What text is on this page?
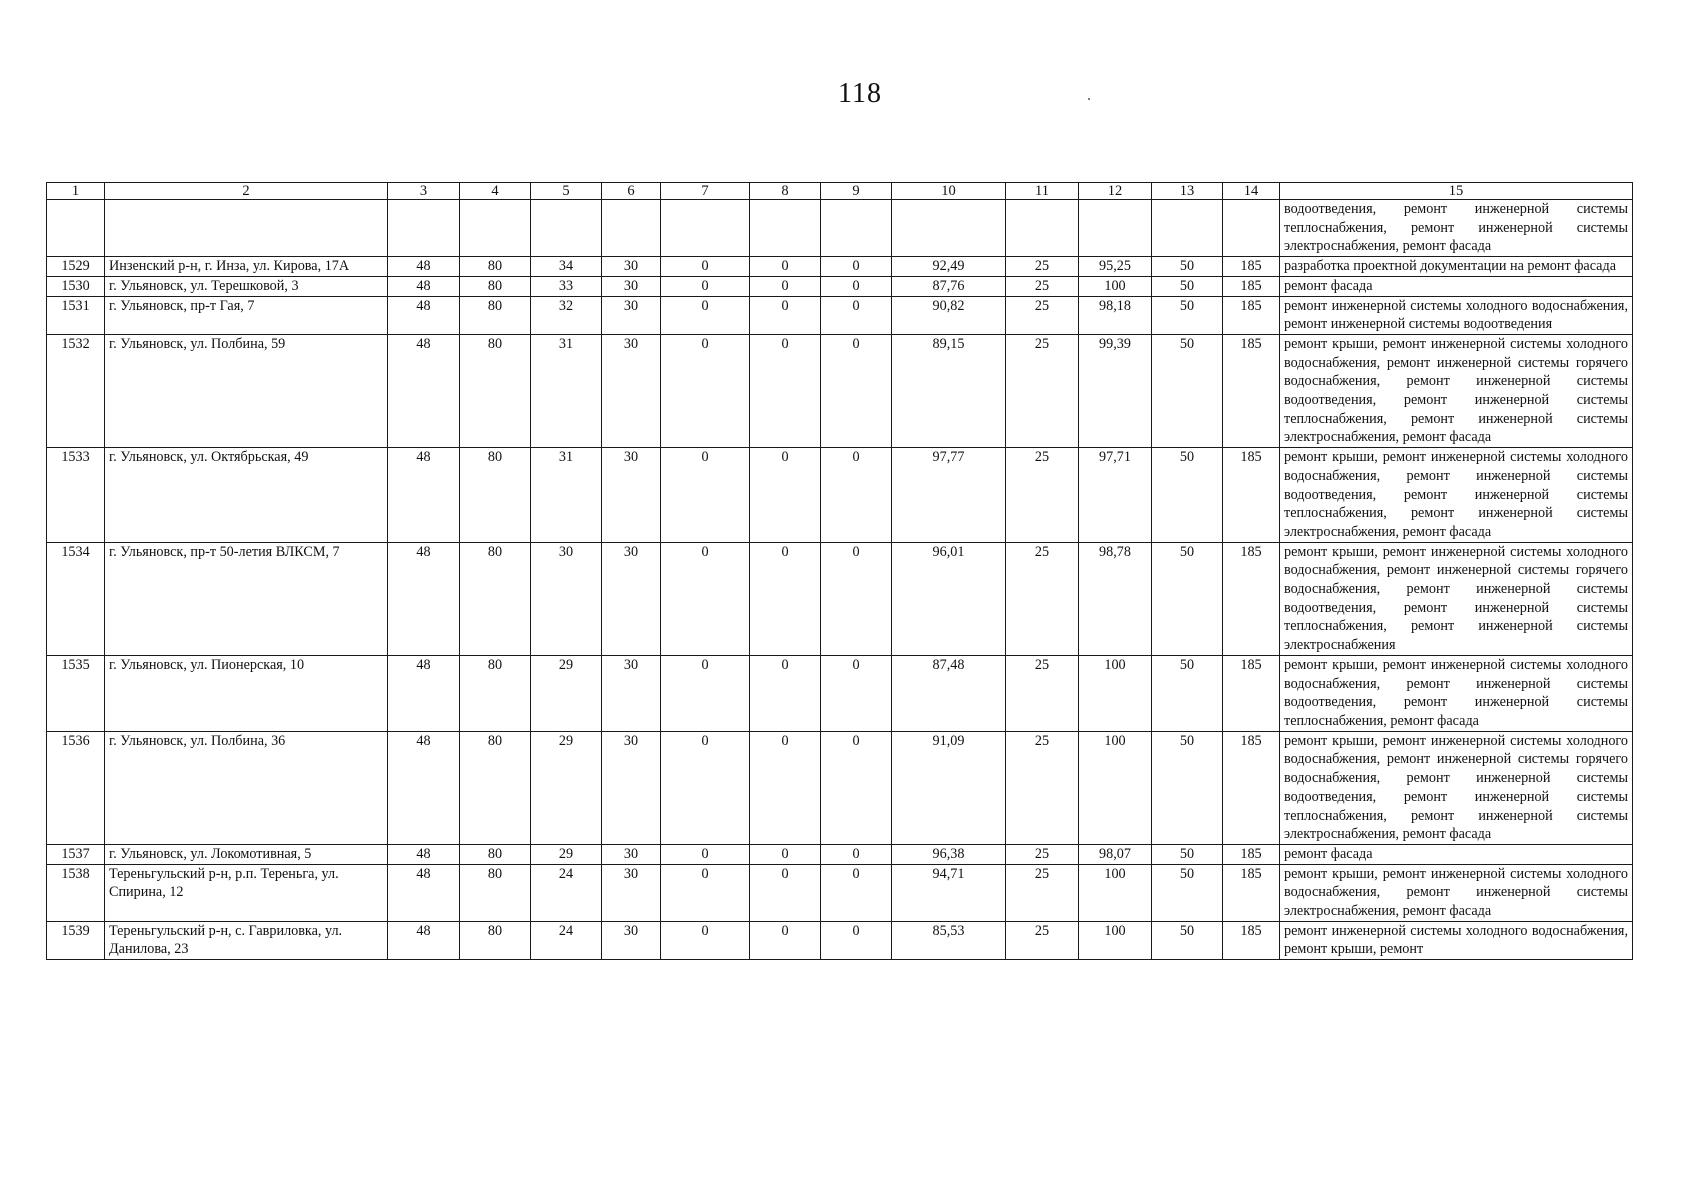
118
1	2	3	4	5	6	7	8	9	10	11	12	13	14	15
														водоотведения, ремонт инженерной системы теплоснабжения, ремонт инженерной системы электроснабжения, ремонт фасада
1529	Инзенский р-н, г. Инза, ул. Кирова, 17А	48	80	34	30	0	0	0	92,49	25	95,25	50	185	разработка проектной документации на ремонт фасада
1530	г. Ульяновск, ул. Терешковой, 3	48	80	33	30	0	0	0	87,76	25	100	50	185	ремонт фасада
1531	г. Ульяновск, пр-т Гая, 7	48	80	32	30	0	0	0	90,82	25	98,18	50	185	ремонт инженерной системы холодного водоснабжения, ремонт инженерной системы водоотведения
1532	г. Ульяновск, ул. Полбина, 59	48	80	31	30	0	0	0	89,15	25	99,39	50	185	ремонт крыши, ремонт инженерной системы холодного водоснабжения, ремонт инженерной системы горячего водоснабжения, ремонт инженерной системы водоотведения, ремонт инженерной системы теплоснабжения, ремонт инженерной системы электроснабжения, ремонт фасада
1533	г. Ульяновск, ул. Октябрьская, 49	48	80	31	30	0	0	0	97,77	25	97,71	50	185	ремонт крыши, ремонт инженерной системы холодного водоснабжения, ремонт инженерной системы водоотведения, ремонт инженерной системы теплоснабжения, ремонт инженерной системы электроснабжения, ремонт фасада
1534	г. Ульяновск, пр-т 50-летия ВЛКСМ, 7	48	80	30	30	0	0	0	96,01	25	98,78	50	185	ремонт крыши, ремонт инженерной системы холодного водоснабжения, ремонт инженерной системы горячего водоснабжения, ремонт инженерной системы водоотведения, ремонт инженерной системы теплоснабжения, ремонт инженерной системы электроснабжения
1535	г. Ульяновск, ул. Пионерская, 10	48	80	29	30	0	0	0	87,48	25	100	50	185	ремонт крыши, ремонт инженерной системы холодного водоснабжения, ремонт инженерной системы водоотведения, ремонт инженерной системы теплоснабжения, ремонт фасада
1536	г. Ульяновск, ул. Полбина, 36	48	80	29	30	0	0	0	91,09	25	100	50	185	ремонт крыши, ремонт инженерной системы холодного водоснабжения, ремонт инженерной системы горячего водоснабжения, ремонт инженерной системы водоотведения, ремонт инженерной системы теплоснабжения, ремонт инженерной системы электроснабжения, ремонт фасада
1537	г. Ульяновск, ул. Локомотивная, 5	48	80	29	30	0	0	0	96,38	25	98,07	50	185	ремонт фасада
1538	Тереньгульский р-н, р.п. Тереньга, ул. Спирина, 12	48	80	24	30	0	0	0	94,71	25	100	50	185	ремонт крыши, ремонт инженерной системы холодного водоснабжения, ремонт инженерной системы электроснабжения, ремонт фасада
1539	Тереньгульский р-н, с. Гавриловка, ул. Данилова, 23	48	80	24	30	0	0	0	85,53	25	100	50	185	ремонт инженерной системы холодного водоснабжения, ремонт крыши, ремонт
